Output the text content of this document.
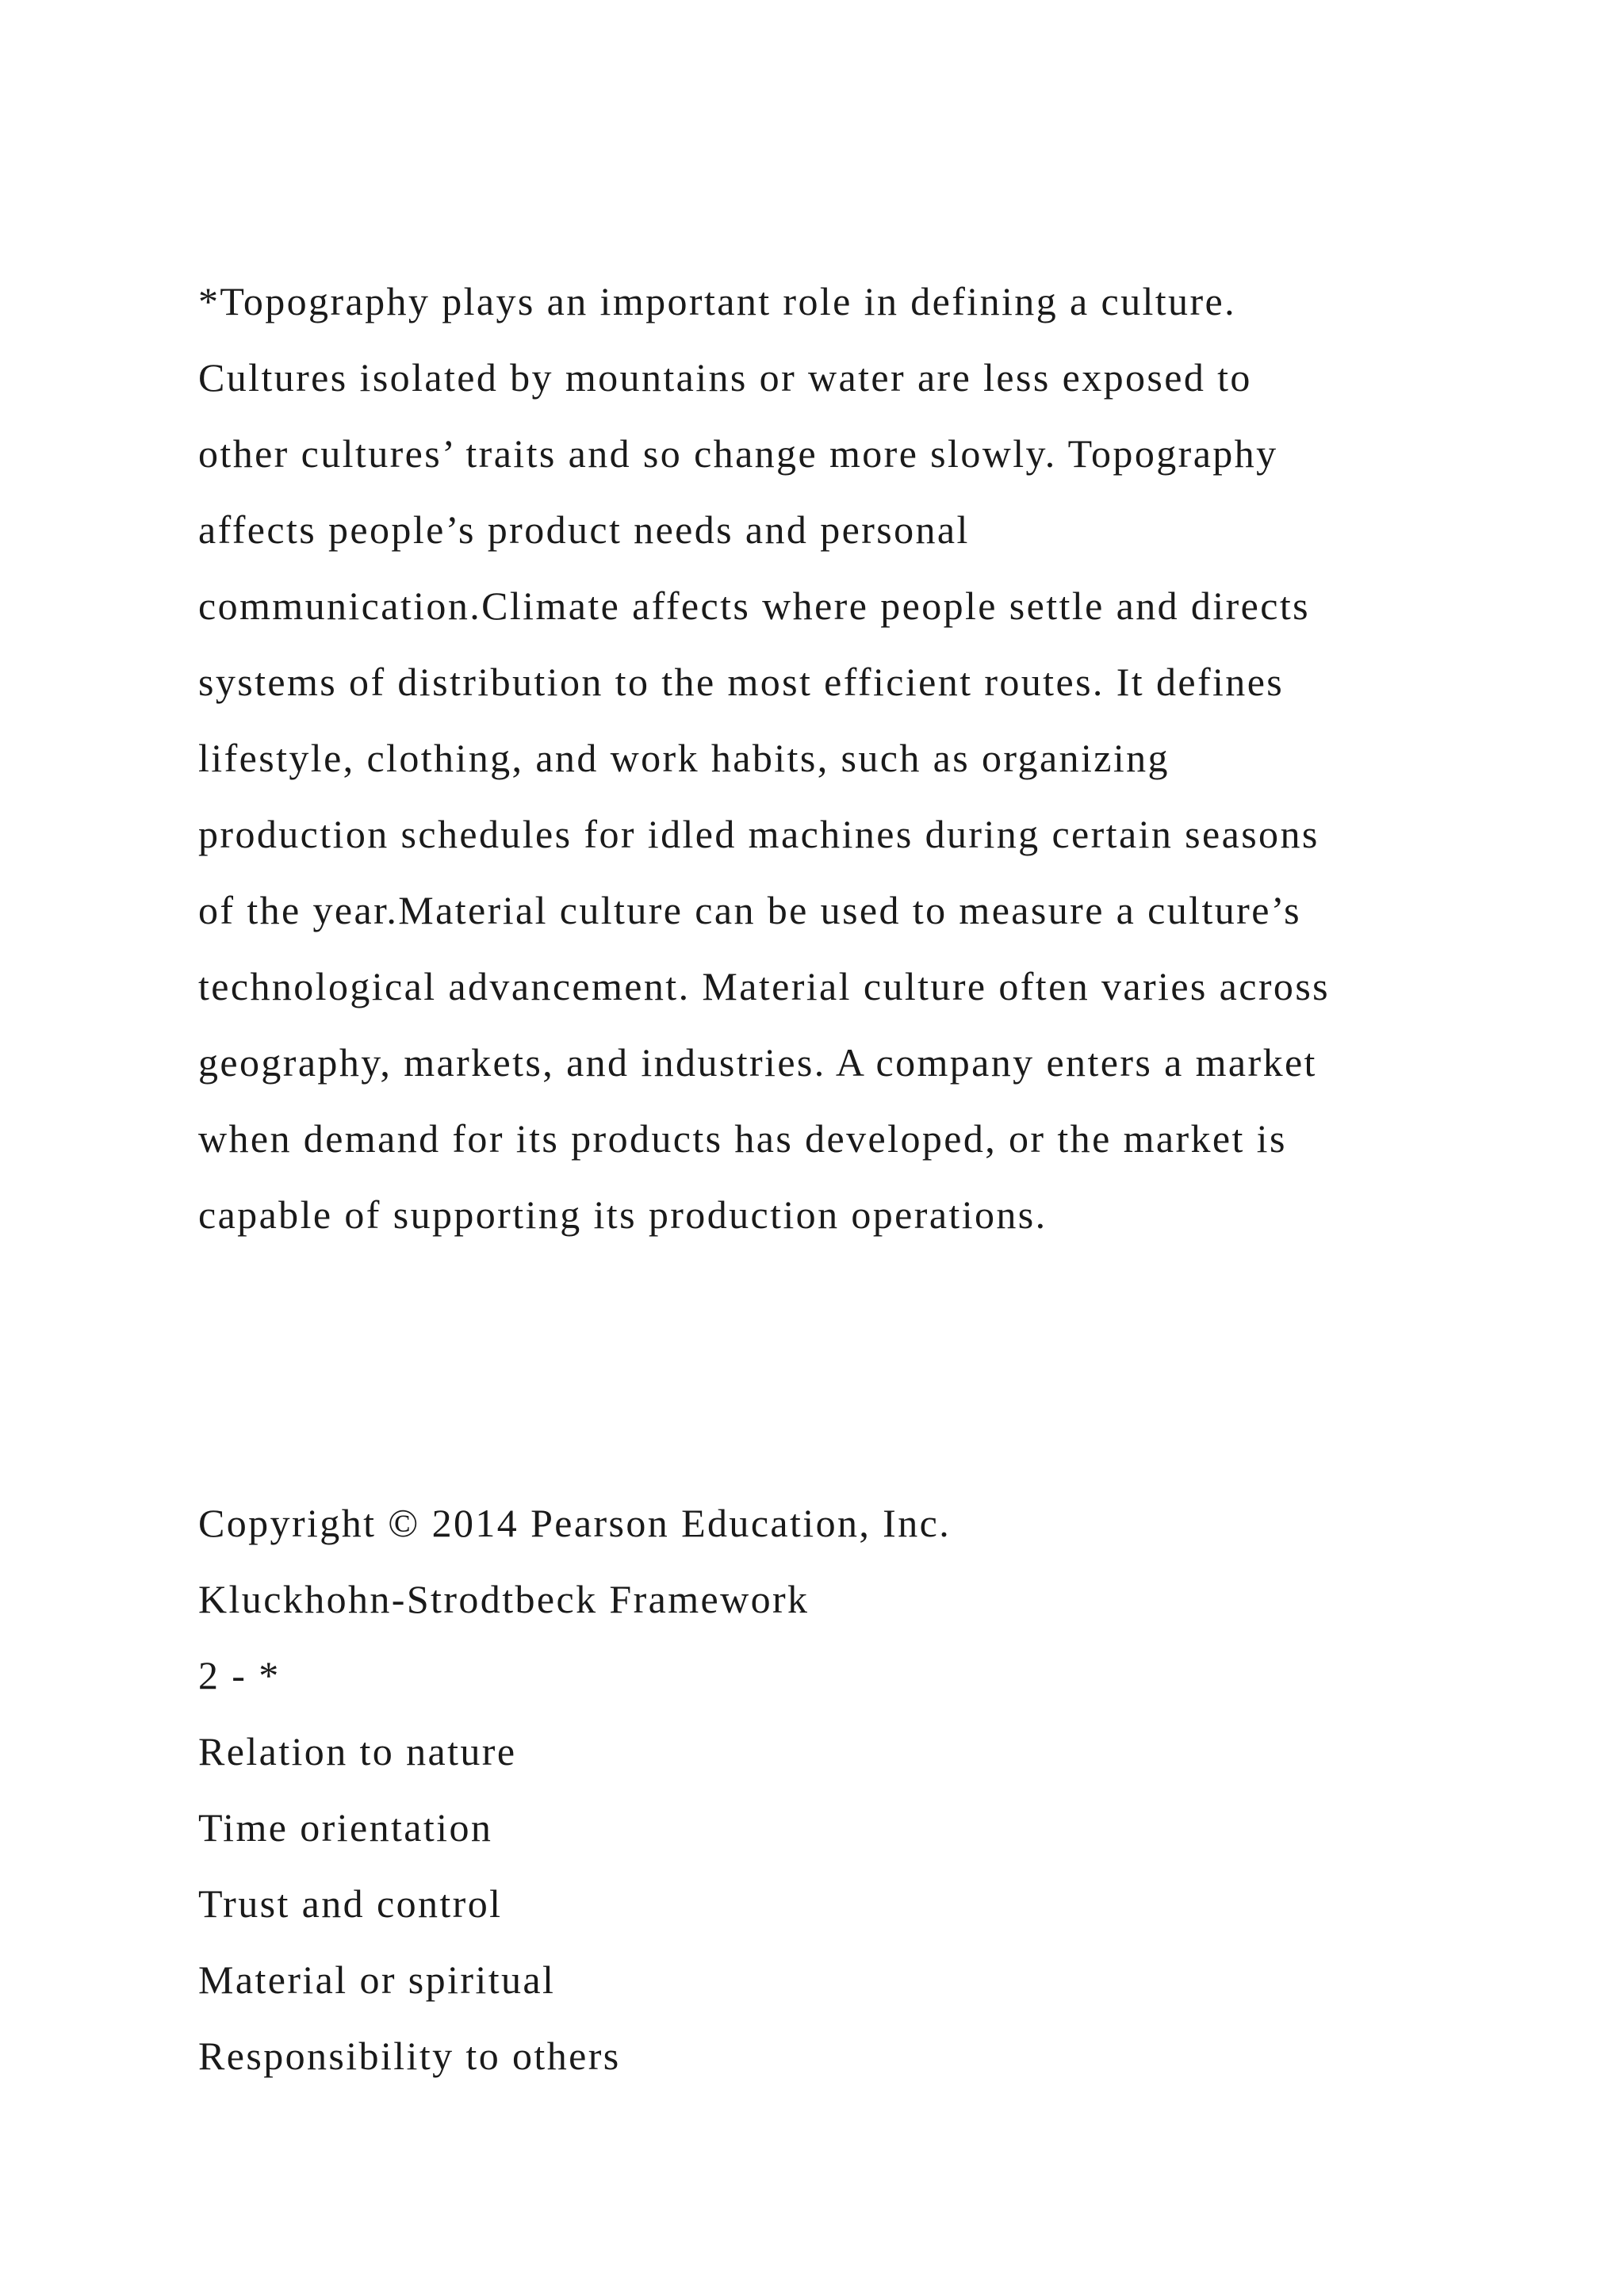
*Topography plays an important role in defining a culture.
Cultures isolated by mountains or water are less exposed to
other cultures’ traits and so change more slowly. Topography
affects people’s product needs and personal
communication.Climate affects where people settle and directs
systems of distribution to the most efficient routes. It defines
lifestyle, clothing, and work habits, such as organizing
production schedules for idled machines during certain seasons
of the year.Material culture can be used to measure a culture’s
technological advancement. Material culture often varies across
geography, markets, and industries. A company enters a market
when demand for its products has developed, or the market is
capable of supporting its production operations.
Copyright © 2014 Pearson Education, Inc.
Kluckhohn-Strodtbeck Framework
2 - *
Relation to nature
Time orientation
Trust and control
Material or spiritual
Responsibility to others
